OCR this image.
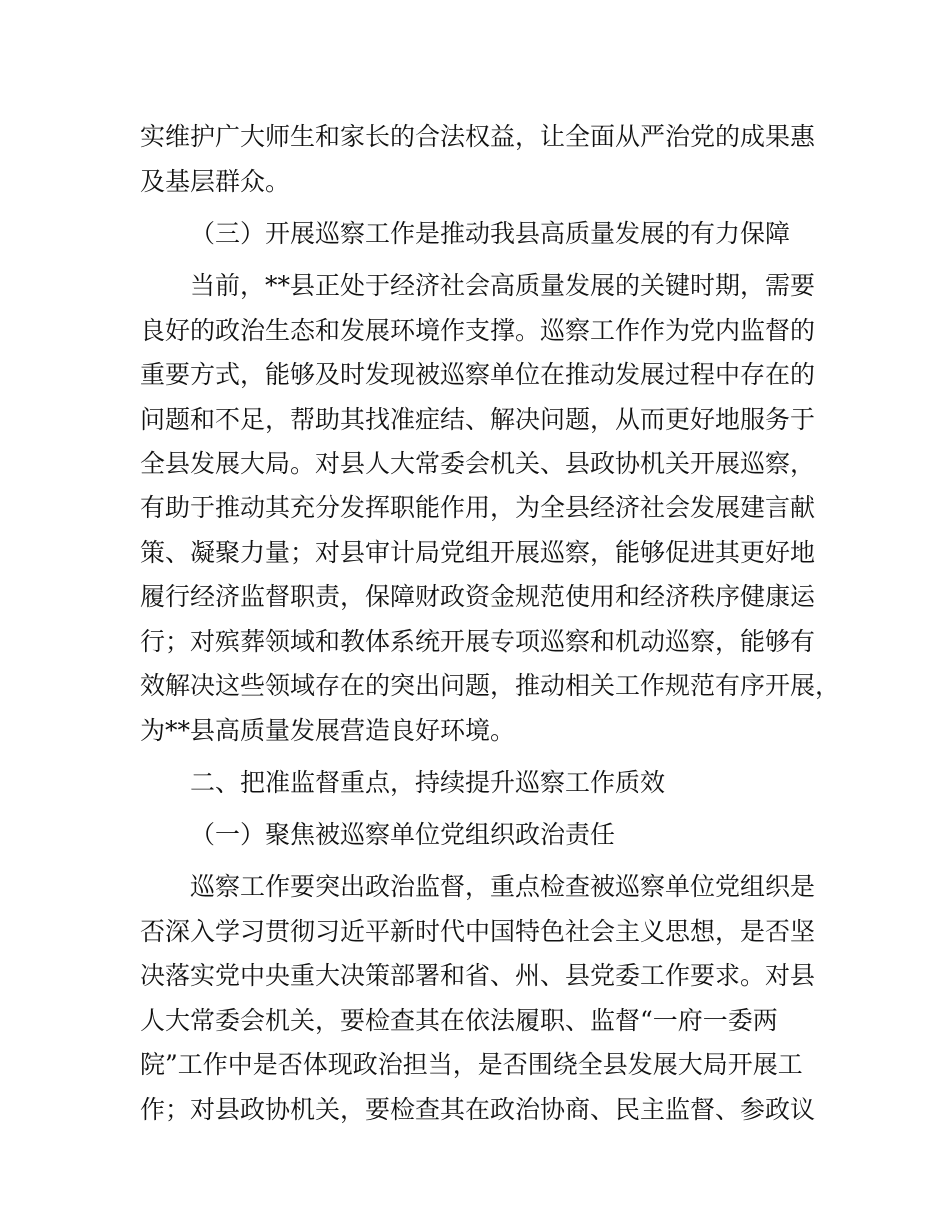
实维护广大师生和家长的合法权益，让全面从严治党的成果惠
及基层群众。
（三）开展巡察工作是推动我县高质量发展的有力保障
当前，**县正处于经济社会高质量发展的关键时期，需要
良好的政治生态和发展环境作支撑。巡察工作作为党内监督的
重要方式，能够及时发现被巡察单位在推动发展过程中存在的
问题和不足，帮助其找准症结、解决问题，从而更好地服务于
全县发展大局。对县人大常委会机关、县政协机关开展巡察，
有助于推动其充分发挥职能作用，为全县经济社会发展建言献
策、凝聚力量；对县审计局党组开展巡察，能够促进其更好地
履行经济监督职责，保障财政资金规范使用和经济秩序健康运
行；对殡葬领域和教体系统开展专项巡察和机动巡察，能够有
效解决这些领域存在的突出问题，推动相关工作规范有序开展，
为**县高质量发展营造良好环境。
二、把准监督重点，持续提升巡察工作质效
（一）聚焦被巡察单位党组织政治责任
巡察工作要突出政治监督，重点检查被巡察单位党组织是
否深入学习贯彻习近平新时代中国特色社会主义思想，是否坚
决落实党中央重大决策部署和省、州、县党委工作要求。对县
人大常委会机关，要检查其在依法履职、监督“一府一委两
院”工作中是否体现政治担当，是否围绕全县发展大局开展工
作；对县政协机关，要检查其在政治协商、民主监督、参政议
